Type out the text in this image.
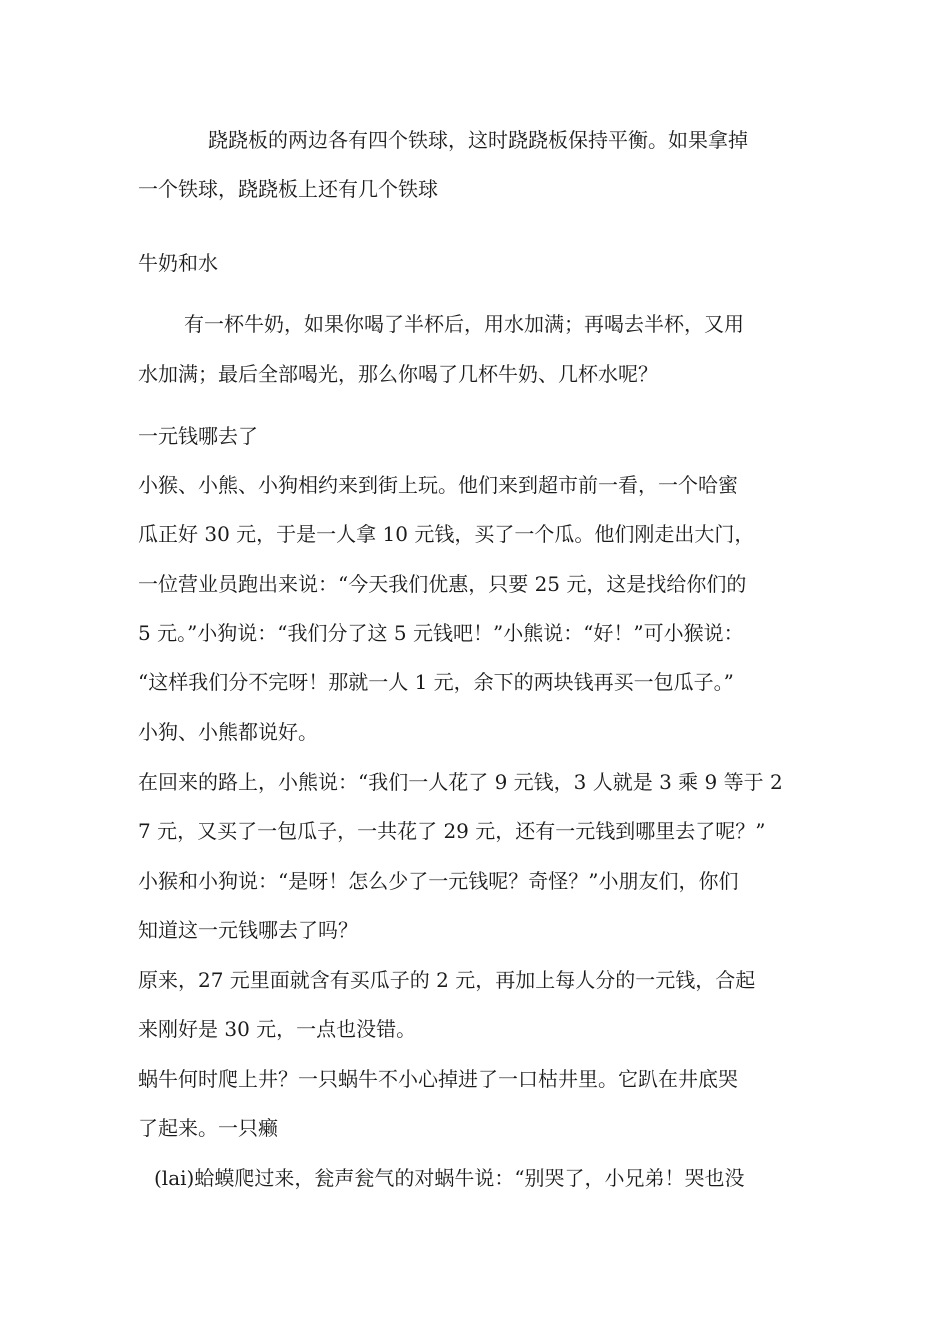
跷跷板的两边各有四个铁球，这时跷跷板保持平衡。如果拿掉
一个铁球，跷跷板上还有几个铁球
牛奶和水
有一杯牛奶，如果你喝了半杯后，用水加满；再喝去半杯，又用
水加满；最后全部喝光，那么你喝了几杯牛奶、几杯水呢？
一元钱哪去了
小猴、小熊、小狗相约来到街上玩。他们来到超市前一看，一个哈蜜
瓜正好 30 元，于是一人拿 10 元钱，买了一个瓜。他们刚走出大门，
一位营业员跑出来说：“今天我们优惠，只要 25 元，这是找给你们的
5 元。”小狗说：“我们分了这 5 元钱吧！”小熊说：“好！”可小猴说：
“这样我们分不完呀！那就一人 1 元，余下的两块钱再买一包瓜子。”
小狗、小熊都说好。
在回来的路上，小熊说：“我们一人花了 9 元钱，3 人就是 3 乘 9 等于 2
7 元，又买了一包瓜子，一共花了 29 元，还有一元钱到哪里去了呢？”
小猴和小狗说：“是呀！怎么少了一元钱呢？奇怪？”小朋友们，你们
知道这一元钱哪去了吗？
原来，27 元里面就含有买瓜子的 2 元，再加上每人分的一元钱，合起
来刚好是 30 元，一点也没错。
蜗牛何时爬上井？一只蜗牛不小心掉进了一口枯井里。它趴在井底哭
了起来。一只癞
(lai)蛤蟆爬过来，瓮声瓮气的对蜗牛说：“别哭了，小兄弟！哭也没
